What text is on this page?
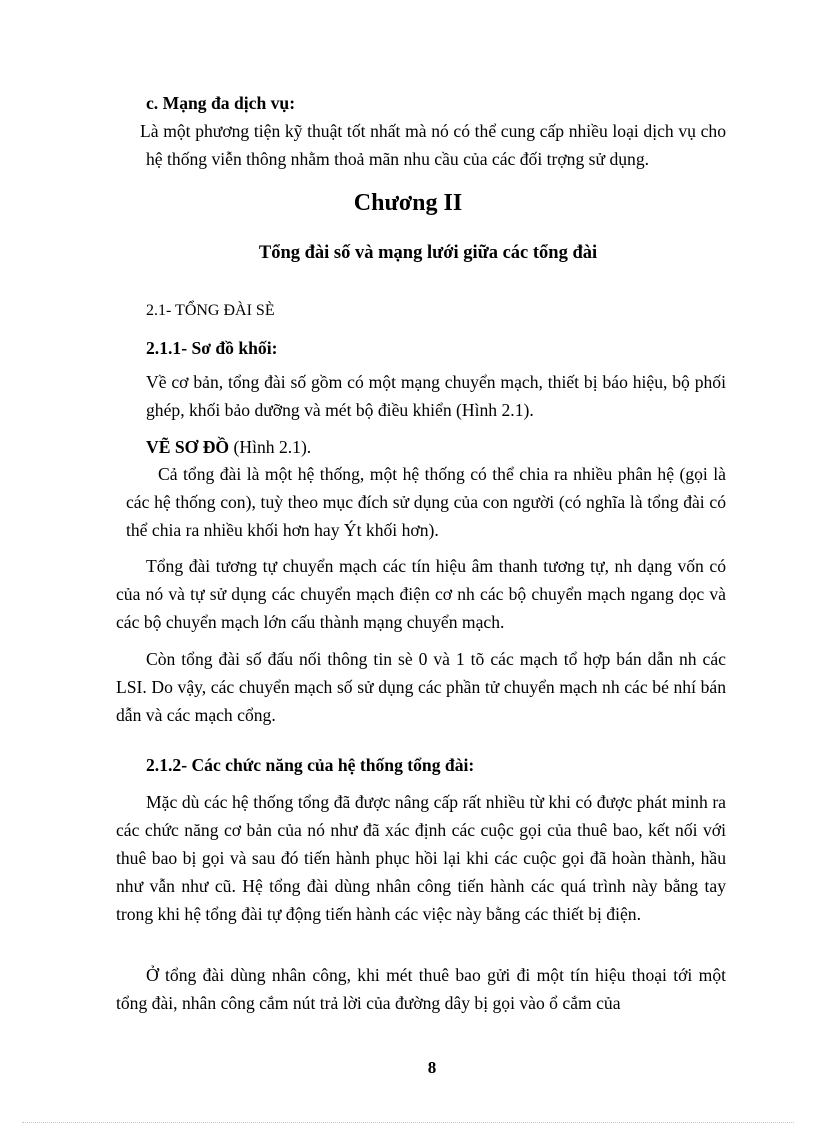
c. Mạng đa dịch vụ:

Là một phương tiện kỹ thuật tốt nhất mà nó có thể cung cấp nhiều loại dịch vụ cho hệ thống viễn thông nhằm thoả mãn nhu cầu của các đối trợng sử dụng.

Chương II

Tổng đài số và mạng lưới giữa các tổng đài

2.1- TỔNG ĐÀI SÈ

2.1.1- Sơ đồ khối:

Về cơ bản, tổng đài số gồm có một mạng chuyển mạch, thiết bị báo hiệu, bộ phối ghép, khối bảo dưỡng và mét bộ điều khiển (Hình 2.1).

VẼ SƠ ĐỒ (Hình 2.1).

Cả tổng đài là một hệ thống, một hệ thống có thể chia ra nhiều phân hệ (gọi là các hệ thống con), tuỳ theo mục đích sử dụng của con người (có nghĩa là tổng đài có thể chia ra nhiều khối hơn hay Ýt khối hơn).

Tổng đài tương tự chuyển mạch các tín hiệu âm thanh tương tự, nh dạng vốn có của nó và tự sử dụng các chuyển mạch điện cơ nh các bộ chuyển mạch ngang dọc và các bộ chuyển mạch lớn cấu thành mạng chuyển mạch.

Còn tổng đài số đấu nối thông tin sè 0 và 1 tõ các mạch tổ hợp bán dẫn nh các LSI. Do vậy, các chuyển mạch số sử dụng các phần tử chuyển mạch nh các bé nhí bán dẫn và các mạch cổng.

2.1.2- Các chức năng của hệ thống tổng đài:

Mặc dù các hệ thống tổng đã được nâng cấp rất nhiều từ khi có được phát minh ra các chức năng cơ bản của nó như đã xác định các cuộc gọi của thuê bao, kết nối với thuê bao bị gọi và sau đó tiến hành phục hồi lại khi các cuộc gọi đã hoàn thành, hầu như vẫn như cũ. Hệ tổng đài dùng nhân công tiến hành các quá trình này bằng tay trong khi hệ tổng đài tự động tiến hành các việc này bằng các thiết bị điện.

Ở tổng đài dùng nhân công, khi mét thuê bao gửi đi một tín hiệu thoại tới một tổng đài, nhân công cắm nút trả lời của đường dây bị gọi vào ổ cắm của

8
